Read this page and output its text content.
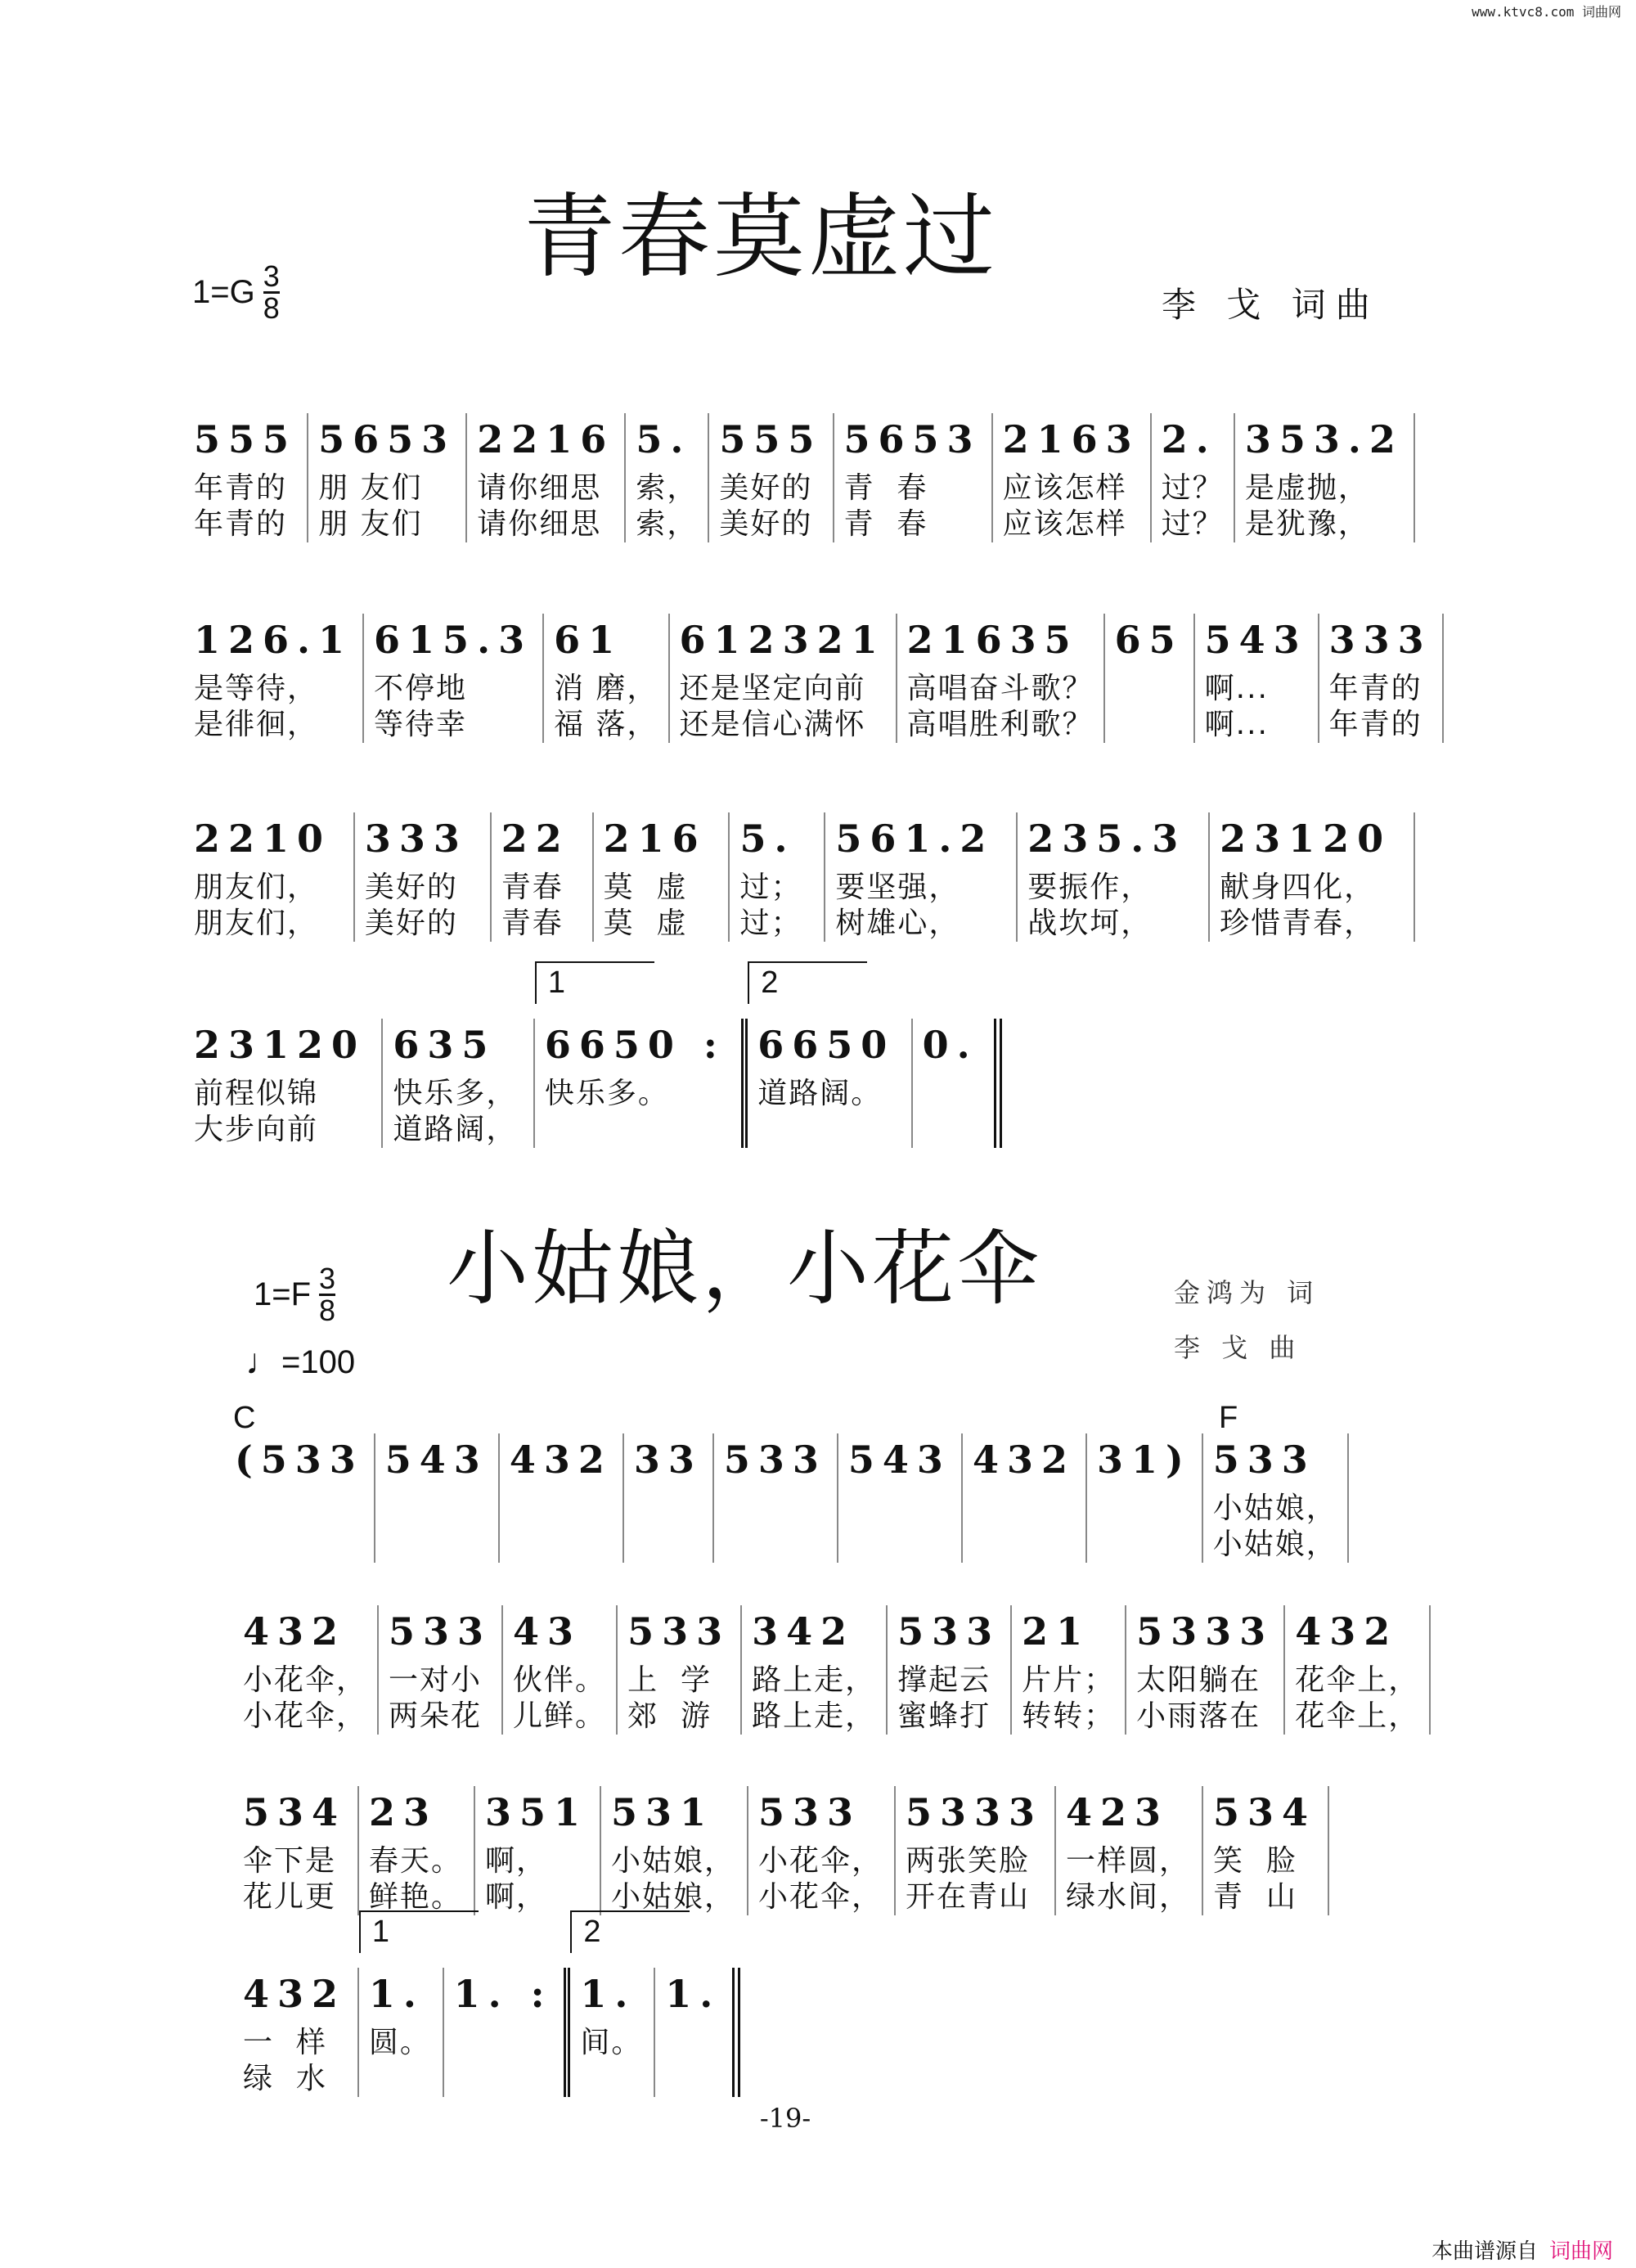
www.ktvc8.com 词曲网
青春莫虚过
$1=G \frac{3}{8}$	李 戈 词曲
555
年青的
年青的
5653
朋 友们
朋 友们
2216
请你细思
请你细思
5.
索，
索，
555
美好的
美好的
5653
青  春
青  春
2163
应该怎样
应该怎样
2.
过？
过？
353.2
是虚抛，
是犹豫，
126.1
是等待，
是徘徊，
615.3
不停地
等待幸
61
消 磨，
福 落，
612321
还是坚定向前
还是信心满怀
21635
高唱奋斗歌？
高唱胜利歌？
65

543
啊...
啊...
333
年青的
年青的
2210
朋友们，
朋友们，
333
美好的
美好的
22
青春
青春
216
莫  虚
莫  虚
5.
过；
过；
561.2
要坚强，
树雄心，
235.3
要振作，
战坎坷，
23120
献身四化，
珍惜青春，
23120
前程似锦
大步向前
635
快乐多，
道路阔，
1
6650 :
快乐多。

2
6650
道路阔。

0.

小姑娘，小花伞
$1=F \frac{3}{8}$
♩ =100
金鸿为 词
李 戈 曲
C	F
(533

543

432

33

533

543

432

31)

533
小姑娘，
小姑娘，
432
小花伞，
小花伞，
533
一对小
两朵花
43
伙伴。
儿鲜。
533
上  学
郊  游
342
路上走，
路上走，
533
撑起云
蜜蜂打
21
片片；
转转；
5333
太阳躺在
小雨落在
432
花伞上，
花伞上，
534
伞下是
花儿更
23
春天。
鲜艳。
351
啊，
啊，
531
小姑娘，
小姑娘，
533
小花伞，
小花伞，
5333
两张笑脸
开在青山
423
一样圆，
绿水间，
534
笑  脸
青  山
432
一  样
绿  水
1
1.
圆。

1. :

2
1.
间。

1.

-19-
本曲谱源自 词曲网
